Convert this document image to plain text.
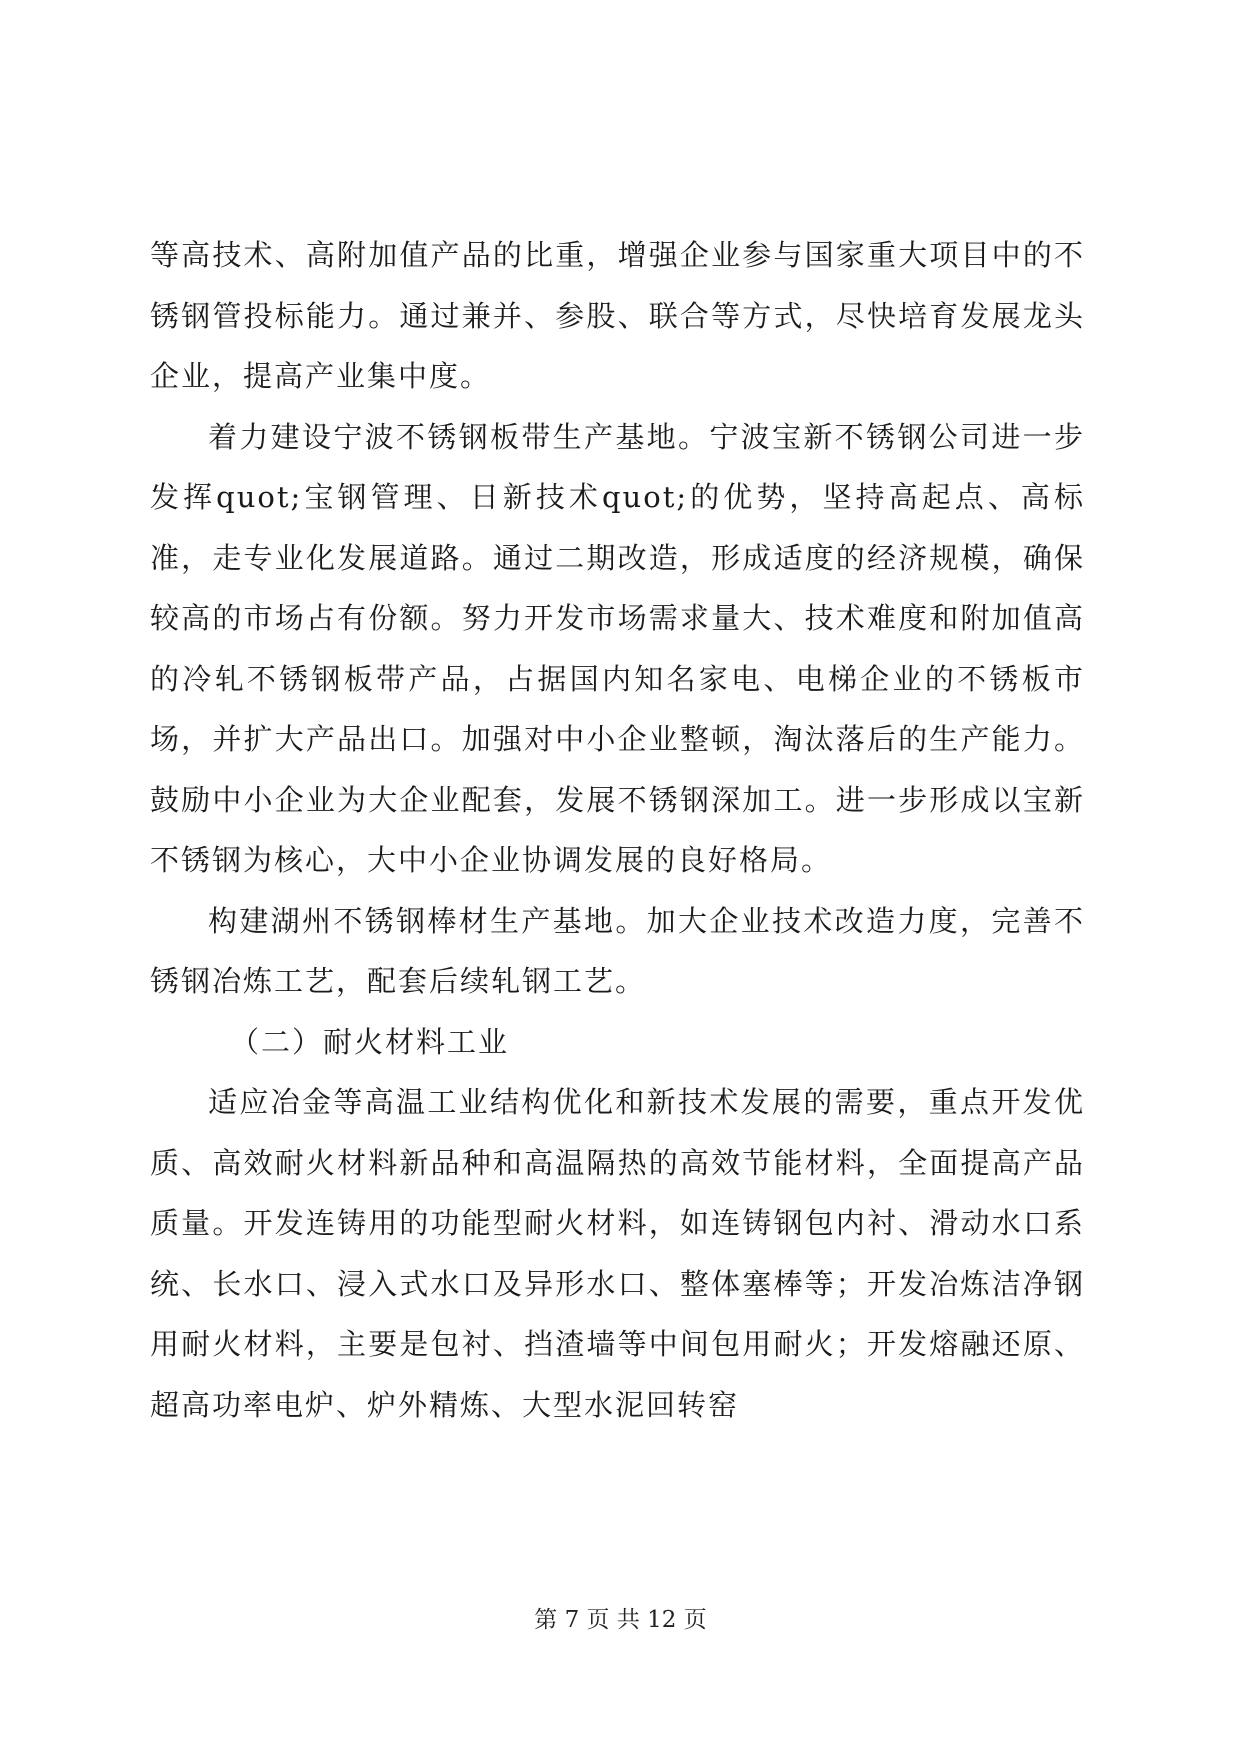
等高技术、高附加值产品的比重，增强企业参与国家重大项目中的不锈钢管投标能力。通过兼并、参股、联合等方式，尽快培育发展龙头企业，提高产业集中度。

着力建设宁波不锈钢板带生产基地。宁波宝新不锈钢公司进一步发挥quot;宝钢管理、日新技术quot;的优势，坚持高起点、高标准，走专业化发展道路。通过二期改造，形成适度的经济规模，确保较高的市场占有份额。努力开发市场需求量大、技术难度和附加值高的冷轧不锈钢板带产品，占据国内知名家电、电梯企业的不锈板市场，并扩大产品出口。加强对中小企业整顿，淘汰落后的生产能力。鼓励中小企业为大企业配套，发展不锈钢深加工。进一步形成以宝新不锈钢为核心，大中小企业协调发展的良好格局。

构建湖州不锈钢棒材生产基地。加大企业技术改造力度，完善不锈钢冶炼工艺，配套后续轧钢工艺。

（二）耐火材料工业

适应冶金等高温工业结构优化和新技术发展的需要，重点开发优质、高效耐火材料新品种和高温隔热的高效节能材料，全面提高产品质量。开发连铸用的功能型耐火材料，如连铸钢包内衬、滑动水口系统、长水口、浸入式水口及异形水口、整体塞棒等；开发冶炼洁净钢用耐火材料，主要是包衬、挡渣墙等中间包用耐火；开发熔融还原、超高功率电炉、炉外精炼、大型水泥回转窑

第 7 页 共 12 页
